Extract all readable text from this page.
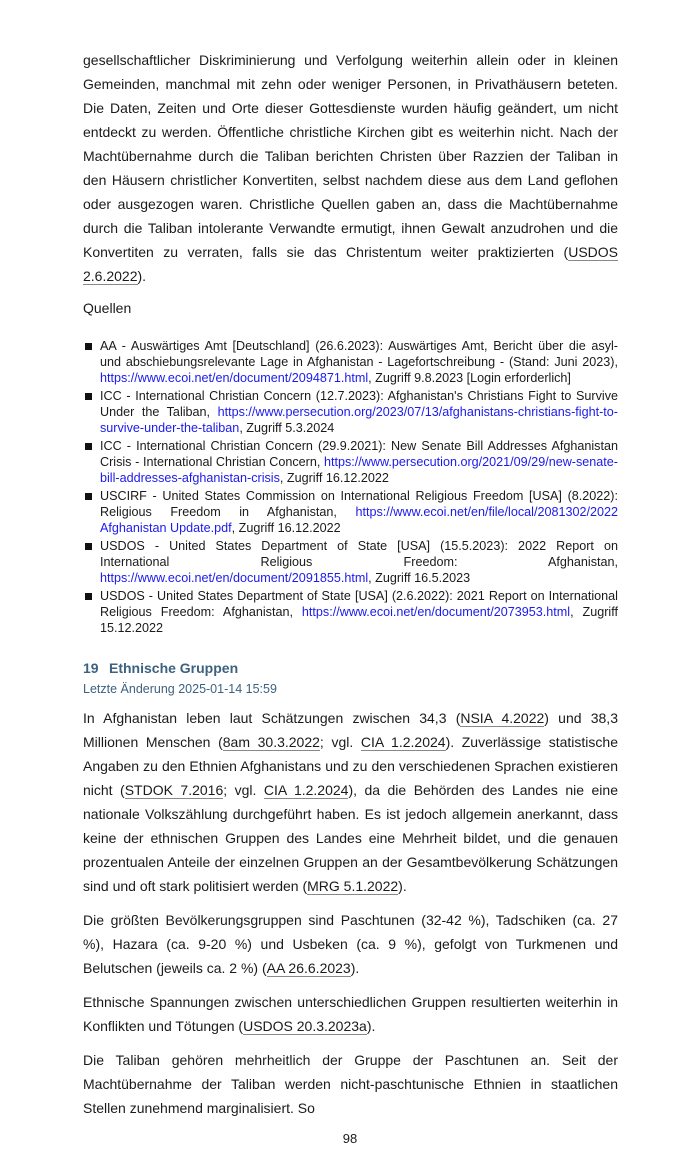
gesellschaftlicher Diskriminierung und Verfolgung weiterhin allein oder in kleinen Gemeinden, manchmal mit zehn oder weniger Personen, in Privathäusern beteten. Die Daten, Zeiten und Orte dieser Gottesdienste wurden häufig geändert, um nicht entdeckt zu werden. Öffentliche christliche Kirchen gibt es weiterhin nicht. Nach der Machtübernahme durch die Taliban berichten Christen über Razzien der Taliban in den Häusern christlicher Konvertiten, selbst nachdem diese aus dem Land geflohen oder ausgezogen waren. Christliche Quellen gaben an, dass die Machtübernahme durch die Taliban intolerante Verwandte ermutigt, ihnen Gewalt anzudrohen und die Konvertiten zu verraten, falls sie das Christentum weiter praktizierten (USDOS 2.6.2022).

Quellen

AA - Auswärtiges Amt [Deutschland] (26.6.2023): Auswärtiges Amt, Bericht über die asyl- und abschiebungsrelevante Lage in Afghanistan - Lagefortschreibung - (Stand: Juni 2023), https://www.ecoi.net/en/document/2094871.html, Zugriff 9.8.2023 [Login erforderlich]
ICC - International Christian Concern (12.7.2023): Afghanistan's Christians Fight to Survive Under the Taliban, https://www.persecution.org/2023/07/13/afghanistans-christians-fight-to-survive-under-the-taliban, Zugriff 5.3.2024
ICC - International Christian Concern (29.9.2021): New Senate Bill Addresses Afghanistan Crisis - International Christian Concern, https://www.persecution.org/2021/09/29/new-senate-bill-addresses-afghanistan-crisis, Zugriff 16.12.2022
USCIRF - United States Commission on International Religious Freedom [USA] (8.2022): Religious Freedom in Afghanistan, https://www.ecoi.net/en/file/local/2081302/2022 Afghanistan Update.pdf, Zugriff 16.12.2022
USDOS - United States Department of State [USA] (15.5.2023): 2022 Report on International Religious Freedom: Afghanistan, https://www.ecoi.net/en/document/2091855.html, Zugriff 16.5.2023
USDOS - United States Department of State [USA] (2.6.2022): 2021 Report on International Religious Freedom: Afghanistan, https://www.ecoi.net/en/document/2073953.html, Zugriff 15.12.2022
19 Ethnische Gruppen
Letzte Änderung 2025-01-14 15:59

In Afghanistan leben laut Schätzungen zwischen 34,3 (NSIA 4.2022) und 38,3 Millionen Menschen (8am 30.3.2022; vgl. CIA 1.2.2024). Zuverlässige statistische Angaben zu den Ethnien Afghanistans und zu den verschiedenen Sprachen existieren nicht (STDOK 7.2016; vgl. CIA 1.2.2024), da die Behörden des Landes nie eine nationale Volkszählung durchgeführt haben. Es ist jedoch allgemein anerkannt, dass keine der ethnischen Gruppen des Landes eine Mehrheit bildet, und die genauen prozentualen Anteile der einzelnen Gruppen an der Gesamtbevölkerung Schätzungen sind und oft stark politisiert werden (MRG 5.1.2022).

Die größten Bevölkerungsgruppen sind Paschtunen (32-42 %), Tadschiken (ca. 27 %), Hazara (ca. 9-20 %) und Usbeken (ca. 9 %), gefolgt von Turkmenen und Belutschen (jeweils ca. 2 %) (AA 26.6.2023).

Ethnische Spannungen zwischen unterschiedlichen Gruppen resultierten weiterhin in Konflikten und Tötungen (USDOS 20.3.2023a).

Die Taliban gehören mehrheitlich der Gruppe der Paschtunen an. Seit der Machtübernahme der Taliban werden nicht-paschtunische Ethnien in staatlichen Stellen zunehmend marginalisiert. So

98
